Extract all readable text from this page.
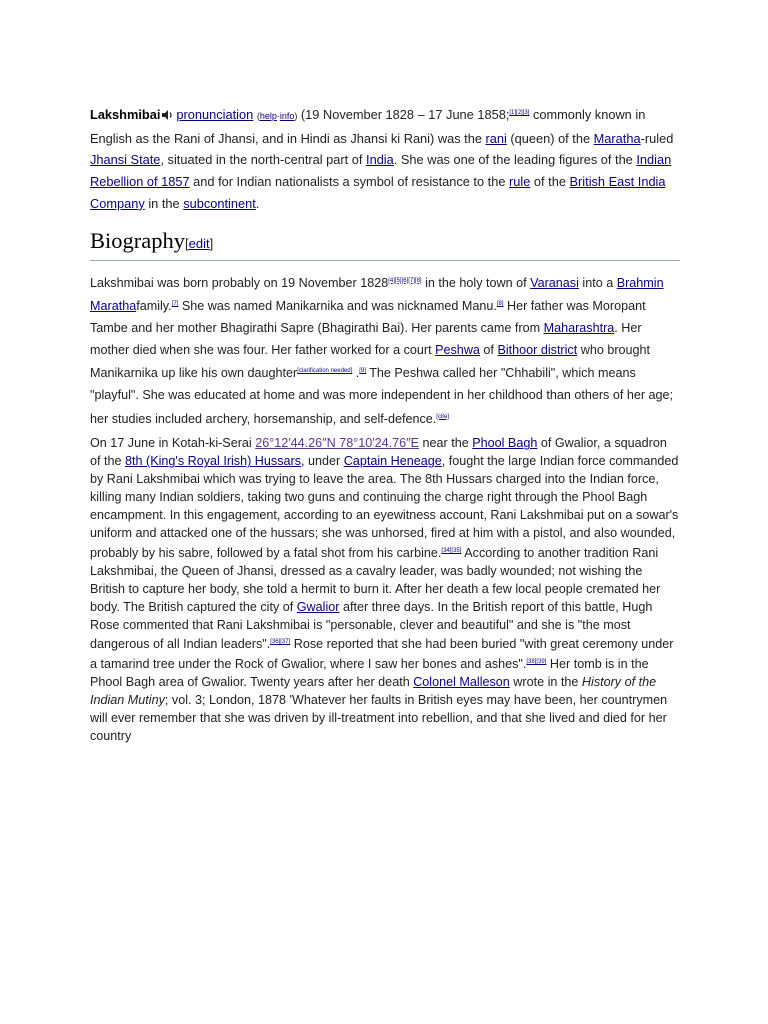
Lakshmibai pronunciation (help·info) (19 November 1828 – 17 June 1858;[1][2][3] commonly known in English as the Rani of Jhansi, and in Hindi as Jhansi ki Rani) was the rani (queen) of the Maratha-ruled Jhansi State, situated in the north-central part of India. She was one of the leading figures of the Indian Rebellion of 1857 and for Indian nationalists a symbol of resistance to the rule of the British East India Company in the subcontinent.

Biography[edit]

Lakshmibai was born probably on 19 November 1828[4][5][6][7][8] in the holy town of Varanasi into a Brahmin Marathafamily.[7] She was named Manikarnika and was nicknamed Manu.[8] Her father was Moropant Tambe and her mother Bhagirathi Sapre (Bhagirathi Bai). Her parents came from Maharashtra. Her mother died when she was four. Her father worked for a court Peshwa of Bithoor district who brought Manikarnika up like his own daughter[clarification needed] .[9] The Peshwa called her "Chhabili", which means "playful". She was educated at home and was more independent in her childhood than others of her age; her studies included archery, horsemanship, and self-defence.[cite]

On 17 June in Kotah-ki-Serai 26°12′44.26″N 78°10′24.76″E near the Phool Bagh of Gwalior, a squadron of the 8th (King's Royal Irish) Hussars, under Captain Heneage, fought the large Indian force commanded by Rani Lakshmibai which was trying to leave the area. The 8th Hussars charged into the Indian force, killing many Indian soldiers, taking two guns and continuing the charge right through the Phool Bagh encampment. In this engagement, according to an eyewitness account, Rani Lakshmibai put on a sowar's uniform and attacked one of the hussars; she was unhorsed, fired at him with a pistol, and also wounded, probably by his sabre, followed by a fatal shot from his carbine.[34][35] According to another tradition Rani Lakshmibai, the Queen of Jhansi, dressed as a cavalry leader, was badly wounded; not wishing the British to capture her body, she told a hermit to burn it. After her death a few local people cremated her body. The British captured the city of Gwalior after three days. In the British report of this battle, Hugh Rose commented that Rani Lakshmibai is "personable, clever and beautiful" and she is "the most dangerous of all Indian leaders".[36][37] Rose reported that she had been buried "with great ceremony under a tamarind tree under the Rock of Gwalior, where I saw her bones and ashes".[38][39] Her tomb is in the Phool Bagh area of Gwalior. Twenty years after her death Colonel Malleson wrote in the History of the Indian Mutiny; vol. 3; London, 1878 'Whatever her faults in British eyes may have been, her countrymen will ever remember that she was driven by ill-treatment into rebellion, and that she lived and died for her country
